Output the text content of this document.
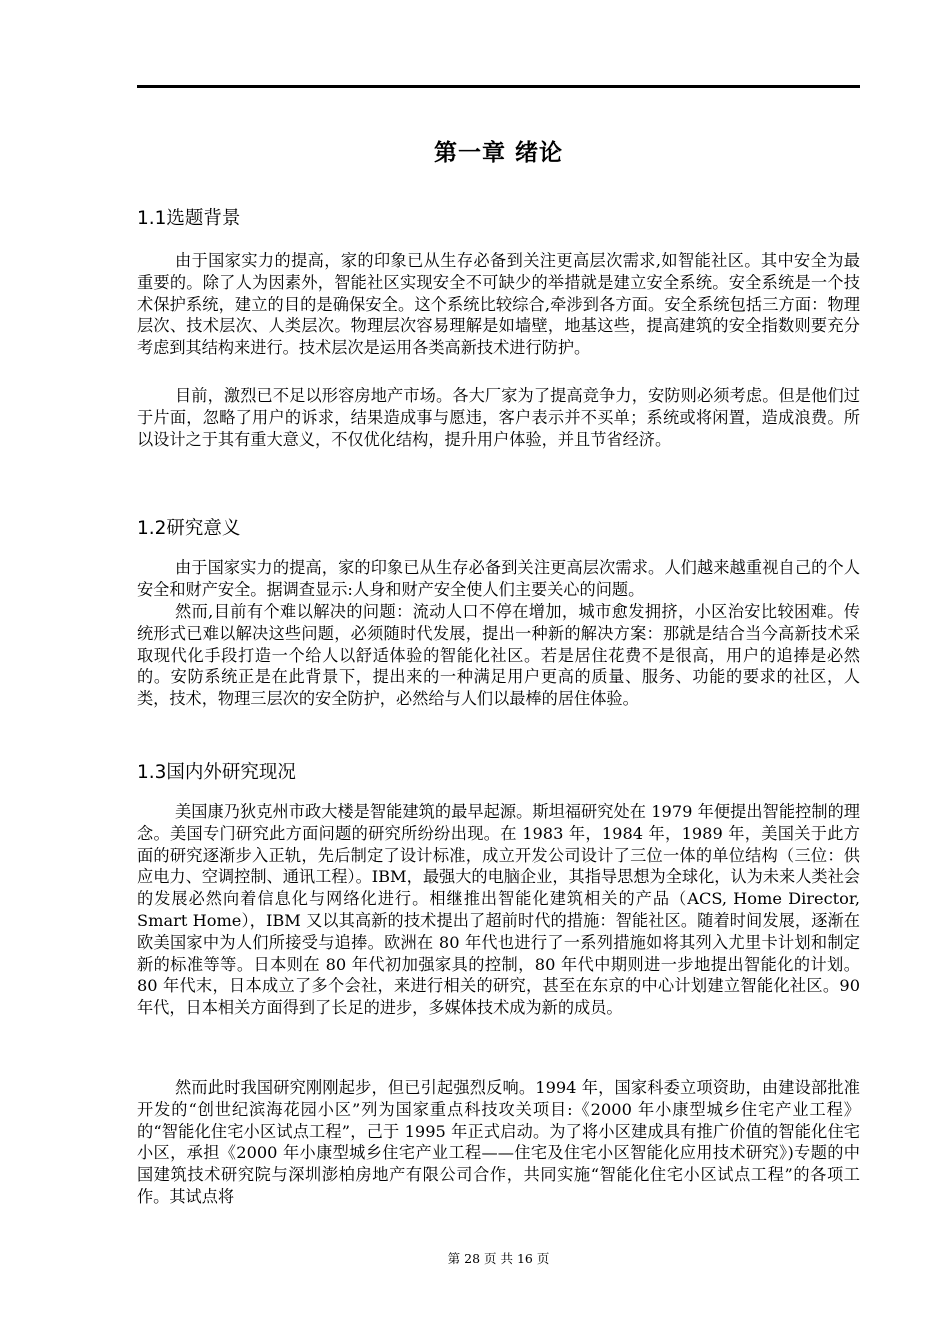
第一章 绪论
1.1选题背景

由于国家实力的提高，家的印象已从生存必备到关注更高层次需求,如智能社区。其中安全为最重要的。除了人为因素外，智能社区实现安全不可缺少的举措就是建立安全系统。安全系统是一个技术保护系统，建立的目的是确保安全。这个系统比较综合,牵涉到各方面。安全系统包括三方面：物理层次、技术层次、人类层次。物理层次容易理解是如墙壁，地基这些，提高建筑的安全指数则要充分考虑到其结构来进行。技术层次是运用各类高新技术进行防护。

目前，激烈已不足以形容房地产市场。各大厂家为了提高竞争力，安防则必须考虑。但是他们过于片面，忽略了用户的诉求，结果造成事与愿违，客户表示并不买单；系统或将闲置，造成浪费。所以设计之于其有重大意义，不仅优化结构，提升用户体验，并且节省经济。

1.2研究意义

由于国家实力的提高，家的印象已从生存必备到关注更高层次需求。人们越来越重视自己的个人安全和财产安全。据调查显示:人身和财产安全使人们主要关心的问题。

然而,目前有个难以解决的问题：流动人口不停在增加，城市愈发拥挤，小区治安比较困难。传统形式已难以解决这些问题，必须随时代发展，提出一种新的解决方案：那就是结合当今高新技术采取现代化手段打造一个给人以舒适体验的智能化社区。若是居住花费不是很高，用户的追捧是必然的。安防系统正是在此背景下，提出来的一种满足用户更高的质量、服务、功能的要求的社区，人类，技术，物理三层次的安全防护，必然给与人们以最棒的居住体验。

1.3国内外研究现况

美国康乃狄克州市政大楼是智能建筑的最早起源。斯坦福研究处在 1979 年便提出智能控制的理念。美国专门研究此方面问题的研究所纷纷出现。在 1983 年，1984 年，1989 年，美国关于此方面的研究逐渐步入正轨，先后制定了设计标准，成立开发公司设计了三位一体的单位结构（三位：供应电力、空调控制、通讯工程）。IBM，最强大的电脑企业，其指导思想为全球化，认为未来人类社会的发展必然向着信息化与网络化进行。相继推出智能化建筑相关的产品（ACS, Home Director, Smart Home），IBM 又以其高新的技术提出了超前时代的措施：智能社区。随着时间发展，逐渐在欧美国家中为人们所接受与追捧。欧洲在 80 年代也进行了一系列措施如将其列入尤里卡计划和制定新的标准等等。日本则在 80 年代初加强家具的控制，80 年代中期则进一步地提出智能化的计划。80 年代末，日本成立了多个会社，来进行相关的研究，甚至在东京的中心计划建立智能化社区。90 年代，日本相关方面得到了长足的进步，多媒体技术成为新的成员。

然而此时我国研究刚刚起步，但已引起强烈反响。1994 年，国家科委立项资助，由建设部批准开发的“创世纪滨海花园小区”列为国家重点科技攻关项目:《2000 年小康型城乡住宅产业工程》的“智能化住宅小区试点工程”，己于 1995 年正式启动。为了将小区建成具有推广价值的智能化住宅小区，承担《2000 年小康型城乡住宅产业工程——住宅及住宅小区智能化应用技术研究》)专题的中国建筑技术研究院与深圳澎柏房地产有限公司合作，共同实施“智能化住宅小区试点工程”的各项工作。其试点将

第 28 页 共 16 页
